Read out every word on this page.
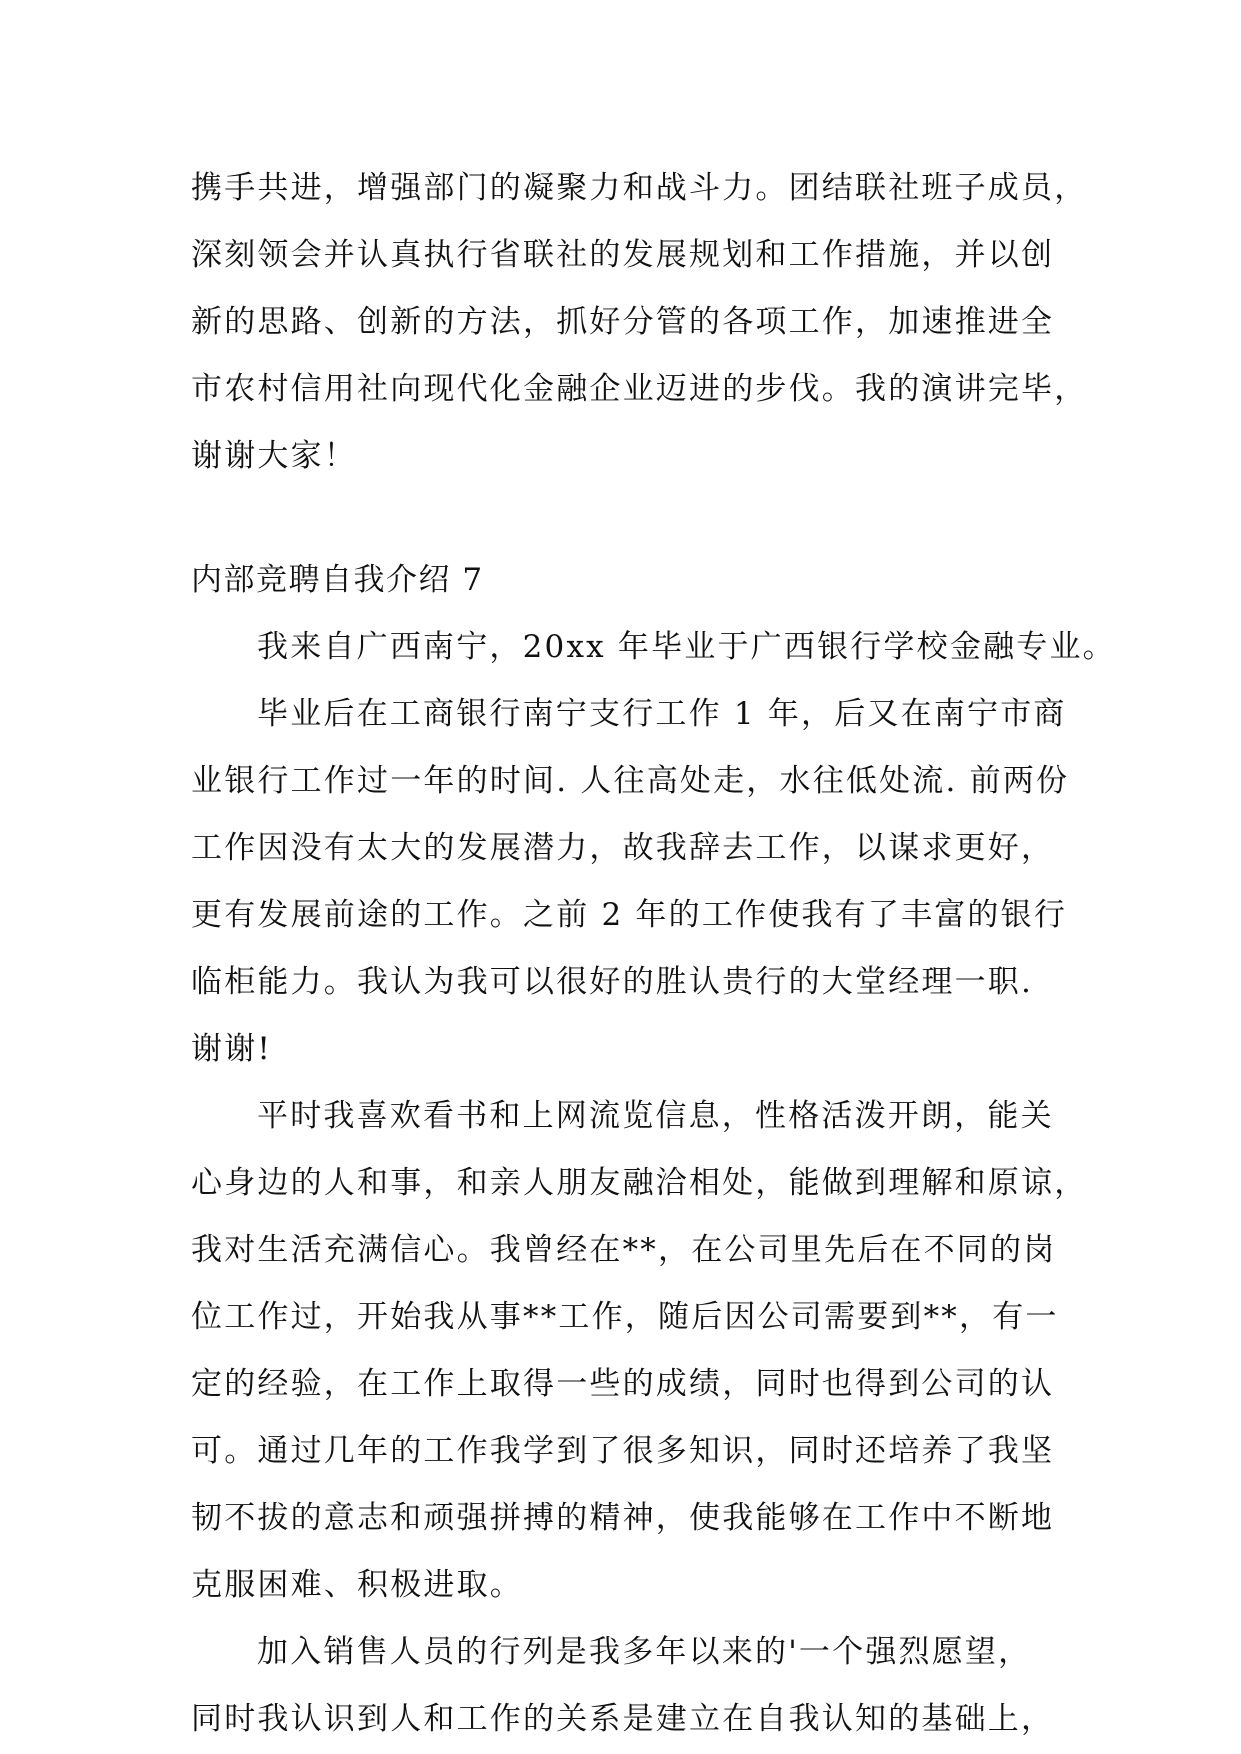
携手共进，增强部门的凝聚力和战斗力。团结联社班子成员，
深刻领会并认真执行省联社的发展规划和工作措施，并以创
新的思路、创新的方法，抓好分管的各项工作，加速推进全
市农村信用社向现代化金融企业迈进的步伐。我的演讲完毕，
谢谢大家！
内部竞聘自我介绍 7
我来自广西南宁，20xx 年毕业于广西银行学校金融专业。
毕业后在工商银行南宁支行工作 1 年，后又在南宁市商
业银行工作过一年的时间. 人往高处走，水往低处流. 前两份
工作因没有太大的发展潜力，故我辞去工作，以谋求更好，
更有发展前途的工作。之前 2 年的工作使我有了丰富的银行
临柜能力。我认为我可以很好的胜认贵行的大堂经理一职.
谢谢!
平时我喜欢看书和上网流览信息，性格活泼开朗，能关
心身边的人和事，和亲人朋友融洽相处，能做到理解和原谅，
我对生活充满信心。我曾经在**，在公司里先后在不同的岗
位工作过，开始我从事**工作，随后因公司需要到**，有一
定的经验，在工作上取得一些的成绩，同时也得到公司的认
可。通过几年的工作我学到了很多知识，同时还培养了我坚
韧不拔的意志和顽强拼搏的精神，使我能够在工作中不断地
克服困难、积极进取。
加入销售人员的行列是我多年以来的'一个强烈愿望，
同时我认识到人和工作的关系是建立在自我认知的基础上，
